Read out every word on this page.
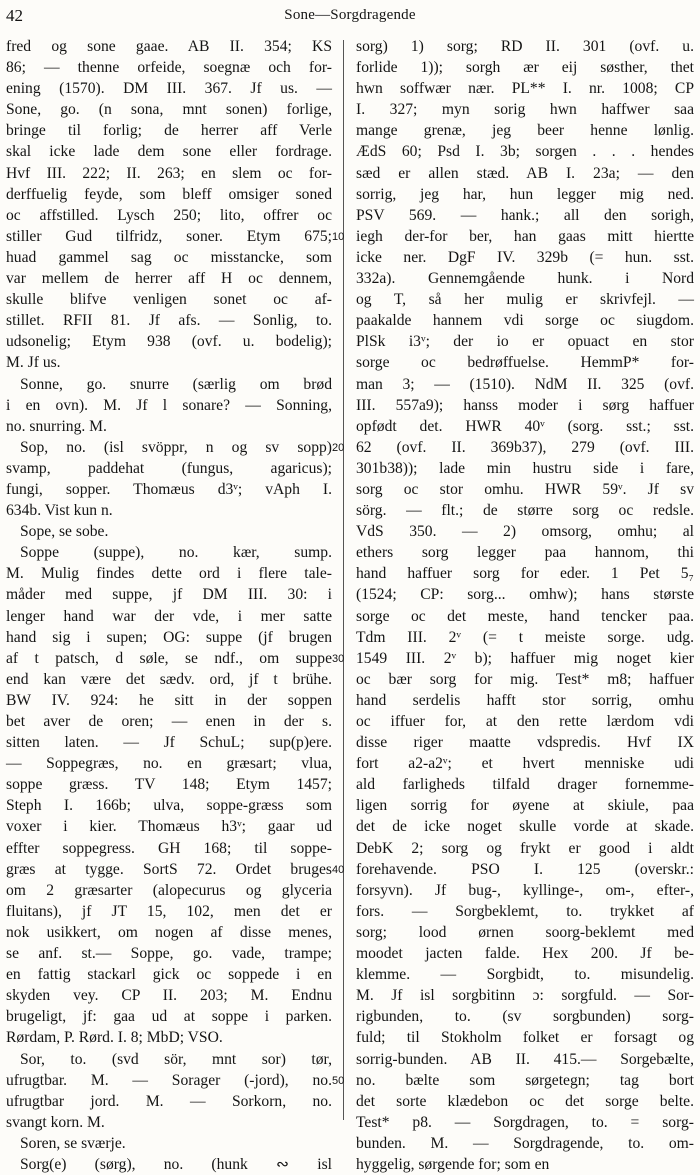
42	Sone—Sorgdragende
fred og sone gaae. AB II. 354; KS
86; — thenne orfeide, soegnæ och for-
ening (1570). DM III. 367. Jf us. —
Sone, go. (n sona, mnt sonen) forlige,
bringe til forlig; de herrer aff Verle
skal icke lade dem sone eller fordrage.
Hvf III. 222; II. 263; en slem oc for-
derffuelig feyde, som bleff omsiger soned
oc affstilled. Lysch 250; lito, offrer oc
stiller Gud tilfridz, soner. Etym 675;
huad gammel sag oc misstancke, som
var mellem de herrer aff H oc dennem,
skulle blifve venligen sonet oc af-
stillet. RFII 81. Jf afs. — Sonlig, to.
udsonelig; Etym 938 (ovf. u. bodelig);
M. Jf us.
Sonne, go. snurre (særlig om brød
i en ovn). M. Jf l sonare? — Sonning,
no. snurring. M.
Sop, no. (isl svöppr, n og sv sopp)
svamp, paddehat (fungus, agaricus);
fungi, sopper. Thomæus d3ᵛ; vAph I.
634b. Vist kun n.
Sope, se sobe.
Soppe (suppe), no. kær, sump.
M. Mulig findes dette ord i flere tale-
måder med suppe, jf DM III. 30: i
lenger hand war der vde, i mer satte
hand sig i supen; OG: suppe (jf brugen
af t patsch, d søle, se ndf., om suppe
end kan være det sædv. ord, jf t brühe.
BW IV. 924: he sitt in der soppen
bet aver de oren; — enen in der s.
sitten laten. — Jf SchuL; sup(p)ere.
— Soppegræs, no. en græsart; vlua,
soppe græss. TV 148; Etym 1457;
Steph I. 166b; ulva, soppe-græss som
voxer i kier. Thomæus h3ᵛ; gaar ud
effter soppegress. GH 168; til soppe-
græs at tygge. SortS 72. Ordet bruges
om 2 græsarter (alopecurus og glyceria
fluitans), jf JT 15, 102, men det er
nok usikkert, om nogen af disse menes,
se anf. st.— Soppe, go. vade, trampe;
en fattig stackarl gick oc soppede i en
skyden vey. CP II. 203; M. Endnu
brugeligt, jf: gaa ud at soppe i parken.
Rørdam, P. Rørd. I. 8; MbD; VSO.
Sor, to. (svd sör, mnt sor) tør,
ufrugtbar. M. — Sorager (-jord), no.
ufrugtbar jord. M. — Sorkorn, no.
svangt korn. M.
Soren, se sværje.
Sorg(e) (sørg), no. (hunk ∾ isl
sorg) 1) sorg; RD II. 301 (ovf. u.
forlide 1)); sorgh ær eij søsther, thet
hwn soffwær nær. PL** I. nr. 1008; CP
I. 327; myn sorig hwn haffwer saa
mange grenæ, jeg beer henne lønlig.
ÆdS 60; Psd I. 3b; sorgen . . . hendes
sæd er allen stæd. AB I. 23a; — den
sorrig, jeg har, hun legger mig ned.
PSV 569. — hank.; all den sorigh,
iegh der-for ber, han gaas mitt hiertte
icke ner. DgF IV. 329b (= hun. sst.
332a). Gennemgående hunk. i Nord
og T, så her mulig er skrivfejl. —
paakalde hannem vdi sorge oc siugdom.
PlSk i3ᵛ; der io er opuact en stor
sorge oc bedrøffuelse. HemmP* for-
man 3; — (1510). NdM II. 325 (ovf.
III. 557a9); hanss moder i sørg haffuer
opfødt det. HWR 40ᵛ (sorg. sst.; sst.
62 (ovf. II. 369b37), 279 (ovf. III.
301b38)); lade min hustru side i fare,
sorg oc stor omhu. HWR 59ᵛ. Jf sv
sörg. — flt.; de større sorg oc redsle.
VdS 350. — 2) omsorg, omhu; al
ethers sorg legger paa hannom, thi
hand haffuer sorg for eder. 1 Pet 5₇
(1524; CP: sorg... omhw); hans største
sorge oc det meste, hand tencker paa.
Tdm III. 2ᵛ (= t meiste sorge. udg.
1549 III. 2ᵛ b); haffuer mig noget kier
oc bær sorg for mig. Test* m8; haffuer
hand serdelis hafft stor sorrig, omhu
oc iffuer for, at den rette lærdom vdi
disse riger maatte vdspredis. Hvf IX
fort a2-a2ᵛ; et hvert menniske udi
ald farligheds tilfald drager fornemme-
ligen sorrig for øyene at skiule, paa
det de icke noget skulle vorde at skade.
DebK 2; sorg og frykt er good i aldt
forehavende. PSO I. 125 (overskr.:
forsyvn). Jf bug-, kyllinge-, om-, efter-,
fors. — Sorgbeklemt, to. trykket af
sorg; lood ørnen soorg-beklemt med
moodet jacten falde. Hex 200. Jf be-
klemme. — Sorgbidt, to. misundelig.
M. Jf isl sorgbitinn ɔ: sorgfuld. — Sor-
rigbunden, to. (sv sorgbunden) sorg-
fuld; til Stokholm folket er forsagt og
sorrig-bunden. AB II. 415.— Sorgebælte,
no. bælte som sørgetegn; tag bort
det sorte klædebon oc det sorge belte.
Test* p8. — Sorgdragen, to. = sorg-
bunden. M. — Sorgdragende, to. om-
hyggelig, sørgende for; som en
10
20
30
40
50
